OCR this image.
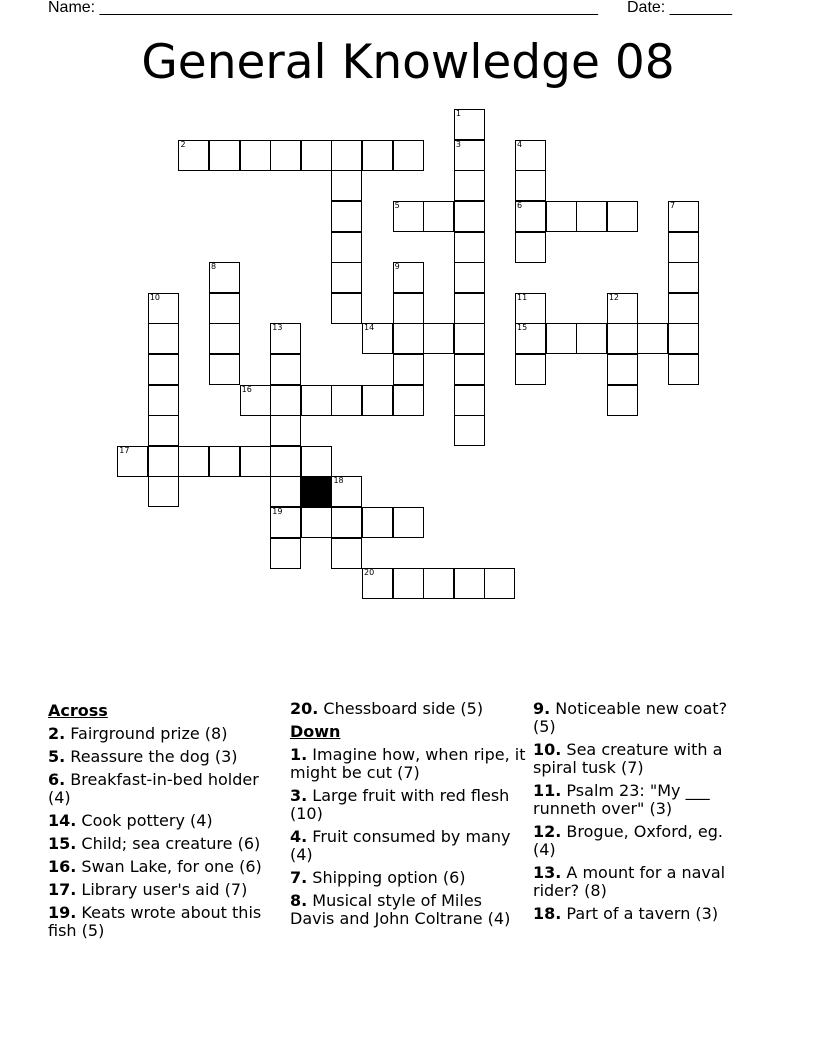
Name: ________________________________________________________ Date: _______
General Knowledge 08
1
2	3	4
5	6	7
8	9
10	11	12
13	14	15
16
17
18
19
20
Across
2. Fairground prize (8)
5. Reassure the dog (3)
6. Breakfast-in-bed holder (4)
14. Cook pottery (4)
15. Child; sea creature (6)
16. Swan Lake, for one (6)
17. Library user's aid (7)
19. Keats wrote about this fish (5)
20. Chessboard side (5)
Down
1. Imagine how, when ripe, it might be cut (7)
3. Large fruit with red flesh (10)
4. Fruit consumed by many (4)
7. Shipping option (6)
8. Musical style of Miles Davis and John Coltrane (4)
9. Noticeable new coat? (5)
10. Sea creature with a spiral tusk (7)
11. Psalm 23: "My ___ runneth over" (3)
12. Brogue, Oxford, eg. (4)
13. A mount for a naval rider? (8)
18. Part of a tavern (3)
